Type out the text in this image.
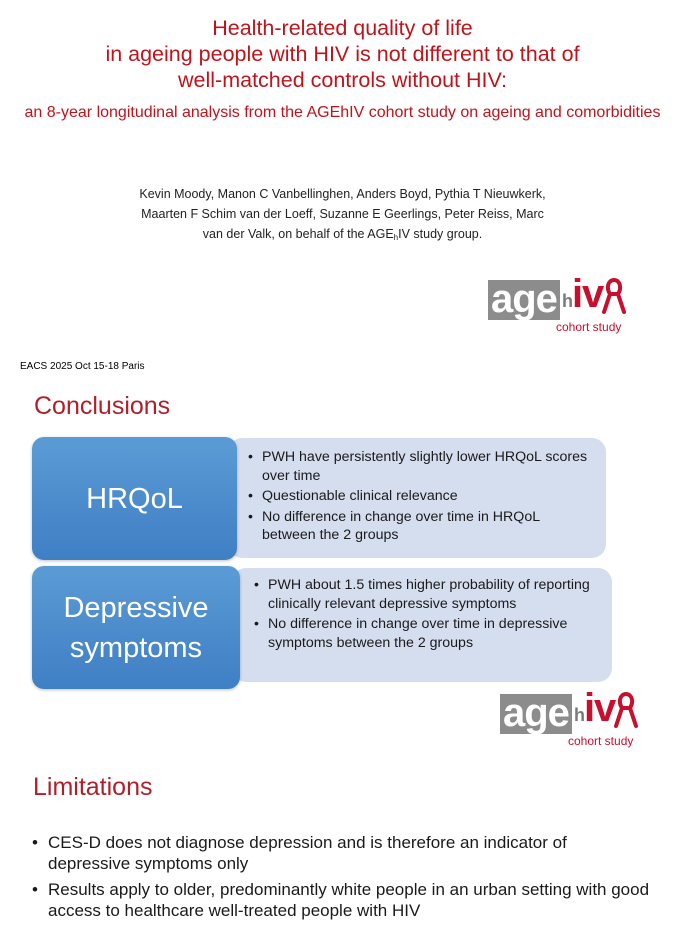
Health-related quality of life
in ageing people with HIV is not different to that of
well-matched controls without HIV:
an 8-year longitudinal analysis from the AGEhIV cohort study on ageing and comorbidities
Kevin Moody, Manon C Vanbellinghen, Anders Boyd, Pythia T Nieuwkerk,
Maarten F Schim van der Loeff, Suzanne E Geerlings, Peter Reiss, Marc
van der Valk, on behalf of the $AGE_hIV$ study group.
age hiv
cohort study
EACS 2025 Oct 15-18 Paris
Conclusions
• PWH have persistently slightly lower HRQoL scores over time
• Questionable clinical relevance
• No difference in change over time in HRQoL between the 2 groups
HRQoL
• PWH about 1.5 times higher probability of reporting clinically relevant depressive symptoms
• No difference in change over time in depressive symptoms between the 2 groups
Depressive symptoms
age hiv
cohort study
Limitations
• CES-D does not diagnose depression and is therefore an indicator of depressive symptoms only
• Results apply to older, predominantly white people in an urban setting with good access to healthcare well-treated people with HIV
